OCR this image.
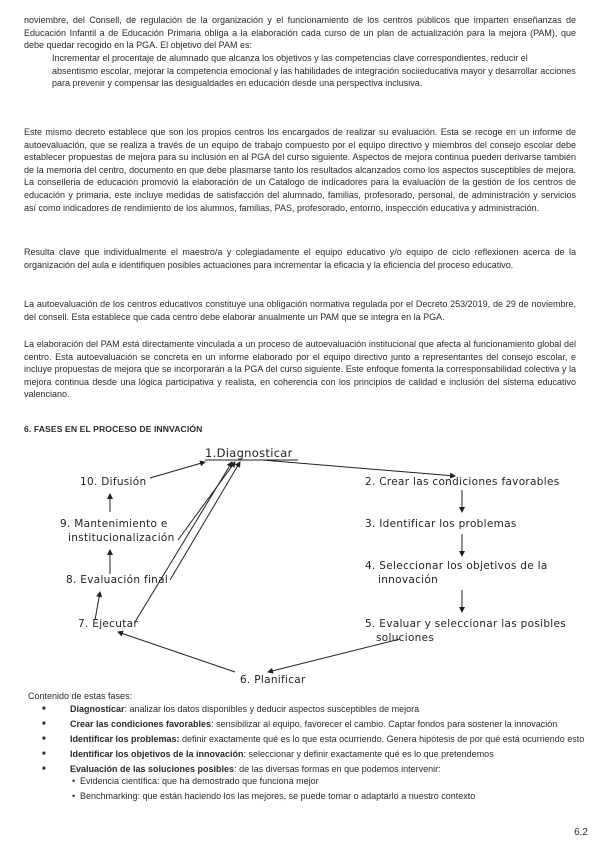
noviembre, del Consell, de regulación de la organización y el funcionamiento de los centros públicos que imparten enseñanzas de Educación Infantil a de Educación Primaria obliga a la elaboración cada curso de un plan de actualización para la mejora (PAM), que debe quedar recogido en la PGA. El objetivo del PAM es:

Incrementar el procentaje de alumnado que alcanza los objetivos y las competencias clave correspondientes, reducir el absentismo escolar, mejorar la competencia emocional y las habilidades de integración sociieducativa mayor y desarrollar acciones para prevenir y compensar las desigualdades en educación desde una perspectiva inclusiva.

Este mismo decreto establece que son los propios centros los encargados de realizar su evaluación. Esta se recoge en un informe de autoevaluación, que se realiza a través de un equipo de trabajo compuesto por el equipo directivo y miembros del consejo escolar debe establecer propuestas de mejora para su inclusión en al PGA del curso siguiente. Aspectos de mejora continua pueden derivarse también de la memoria del centro, documento en que debe plasmarse tanto los resultados alcanzados como los aspectos susceptibles de mejora. La conselleria de educación promovió la elaboración de un Catálogo de indicadores para la evaluación de la gestión de los centros de educación y primaria, este incluye medidas de satisfacción del alumnado, familias, profesorado, personal, de administración y servicios así como indicadores de rendimiento de los alumnos, familias, PAS, profesorado, entorno, inspección educativa y administración.

Resulta clave que individualmente el maestro/a y colegiadamente el equipo educativo y/o equipo de ciclo reflexionen acerca de la organización del aula e identifiquen posibles actuaciones para incrementar la eficacia y la eficiencia del proceso educativo.

La autoevaluación de los centros educativos constituye una obligación normativa regulada por el Decreto 253/2019, de 29 de noviembre, del consell. Esta establece que cada centro debe elaborar anualmente un PAM que se integra en la PGA.

La elaboración del PAM está directamente vinculada a un proceso de autoevaluación institucional que afecta al funcionamiento global del centro. Esta autoevaluación se concreta en un informe elaborado por el equipo directivo junto a representantes del consejo escolar, e incluye propuestas de mejora que se incorporarán a la PGA del curso siguiente. Este enfoque fomenta la corresponsabilidad colectiva y la mejora continua desde una lógica participativa y realista, en coherencia con los principios de calidad e inclusión del sistema educativo valenciano.

6. FASES EN EL PROCESO DE INNVACIÓN
1.Diagnosticar
2. Crear las condiciones favorables
3. Identificar los problemas
4. Seleccionar los objetivos de la
innovación
5. Evaluar y seleccionar las posibles
soluciones
6. Planificar
7. Ejecutar
8. Evaluación final
9. Mantenimiento e
institucionalización
10. Difusión
Contenido de estas fases:
■ Diagnosticar: analizar los datos disponibles y deducir aspectos susceptibles de mejora
■ Crear las condiciones favorables: sensibilizar al equipo, favorecer el cambio. Captar fondos para sostener la innovación
■ Identificar los problemas: definir exactamente qué es lo que esta ocurriendo. Genera hipótesis de por qué está ocurriendo esto
■ Identificar los objetivos de la innovación: seleccionar y definir exactamente qué es lo que pretendemos
■ Evaluación de las soluciones posibles: de las diversas formas en que podemos intervenir:
• Evidencia científica: que ha demostrado que funciona mejor
• Benchmarking: que están haciendo los las mejores, se puede tomar o adaptarlo a nuestro contexto
6.2
